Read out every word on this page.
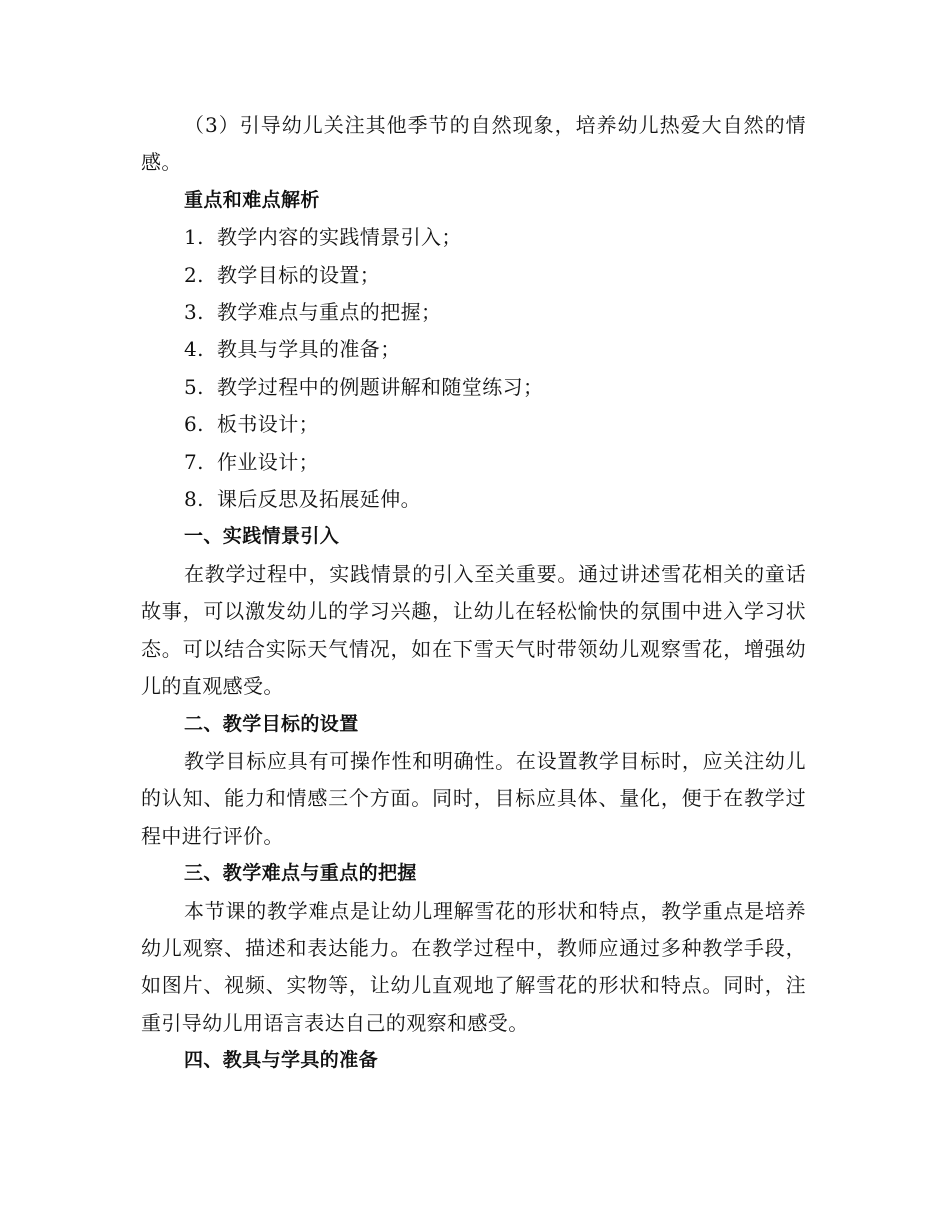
（3）引导幼儿关注其他季节的自然现象，培养幼儿热爱大自然的情感。

重点和难点解析

1. 教学内容的实践情景引入；
2. 教学目标的设置；
3. 教学难点与重点的把握；
4. 教具与学具的准备；
5. 教学过程中的例题讲解和随堂练习；
6. 板书设计；
7. 作业设计；
8. 课后反思及拓展延伸。

一、实践情景引入

在教学过程中，实践情景的引入至关重要。通过讲述雪花相关的童话故事，可以激发幼儿的学习兴趣，让幼儿在轻松愉快的氛围中进入学习状态。可以结合实际天气情况，如在下雪天气时带领幼儿观察雪花，增强幼儿的直观感受。

二、教学目标的设置

教学目标应具有可操作性和明确性。在设置教学目标时，应关注幼儿的认知、能力和情感三个方面。同时，目标应具体、量化，便于在教学过程中进行评价。

三、教学难点与重点的把握

本节课的教学难点是让幼儿理解雪花的形状和特点，教学重点是培养幼儿观察、描述和表达能力。在教学过程中，教师应通过多种教学手段，如图片、视频、实物等，让幼儿直观地了解雪花的形状和特点。同时，注重引导幼儿用语言表达自己的观察和感受。

四、教具与学具的准备
